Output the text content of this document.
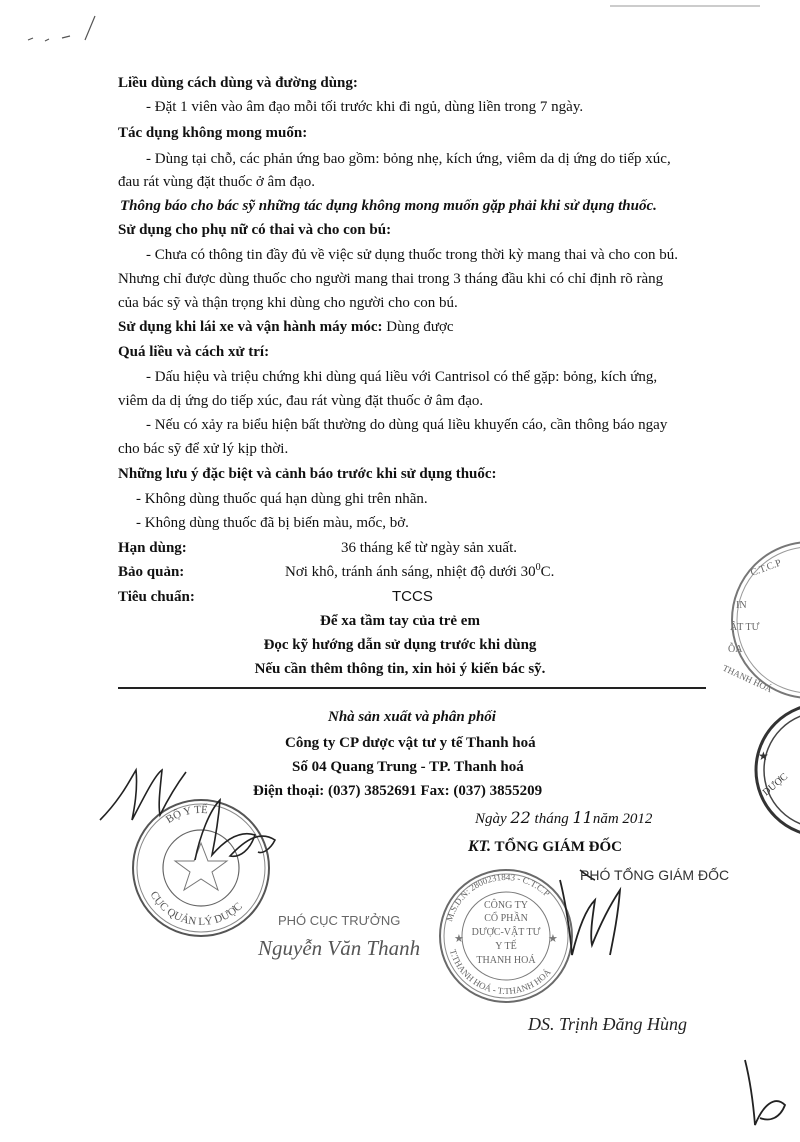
Liều dùng cách dùng và đường dùng:
- Đặt 1 viên vào âm đạo mỗi tối trước khi đi ngủ, dùng liền trong 7 ngày.
Tác dụng không mong muốn:
- Dùng tại chỗ, các phản ứng bao gồm: bỏng nhẹ, kích ứng, viêm da dị ứng do tiếp xúc,
đau rát vùng đặt thuốc ở âm đạo.
Thông báo cho bác sỹ những tác dụng không mong muốn gặp phải khi sử dụng thuốc.
Sử dụng cho phụ nữ có thai và cho con bú:
- Chưa có thông tin đầy đủ về việc sử dụng thuốc trong thời kỳ mang thai và cho con bú.
Nhưng chỉ được dùng thuốc cho người mang thai trong 3 tháng đầu khi có chỉ định rõ ràng
của bác sỹ và thận trọng khi dùng cho người cho con bú.
Sử dụng khi lái xe và vận hành máy móc: Dùng được
Quá liều và cách xử trí:
- Dấu hiệu và triệu chứng khi dùng quá liều với Cantrisol có thể gặp: bỏng, kích ứng,
viêm da dị ứng do tiếp xúc, đau rát vùng đặt thuốc ở âm đạo.
- Nếu có xảy ra biểu hiện bất thường do dùng quá liều khuyến cáo, cần thông báo ngay
cho bác sỹ để xử lý kịp thời.
Những lưu ý đặc biệt và cảnh báo trước khi sử dụng thuốc:
- Không dùng thuốc quá hạn dùng ghi trên nhãn.
- Không dùng thuốc đã bị biến màu, mốc, bở.
Hạn dùng:	36 tháng kể từ ngày sản xuất.
Bảo quản:	Nơi khô, tránh ánh sáng, nhiệt độ dưới $30^0C$.
Tiêu chuẩn:	TCCS
Để xa tầm tay của trẻ em
Đọc kỹ hướng dẫn sử dụng trước khi dùng
Nếu cần thêm thông tin, xin hỏi ý kiến bác sỹ.
Nhà sản xuất và phân phối
Công ty CP dược vật tư y tế Thanh hoá
Số 04 Quang Trung - TP. Thanh hoá
Điện thoại: (037) 3852691 Fax: (037) 3855209
Ngày 22 tháng 11năm 2012
KT. TỔNG GIÁM ĐỐC
PHÓ TỔNG GIÁM ĐỐC
PHÓ CỤC TRƯỞNG
Nguyễn Văn Thanh
DS. Trịnh Đăng Hùng
BỘ Y TẾ
CỤC QUẢN LÝ DƯỢC
M.S.D.N: 2800231843 - C.T.C.P
T.THANH HOÁ - T.THANH HOÁ
CÔNG TY
CỔ PHẦN
DƯỢC-VẬT TƯ
Y TẾ
THANH HOÁ
★	★
C.T.C.P
IN
ẬT TƯ
ỖA
THANH HOÁ
DƯỢC
★
